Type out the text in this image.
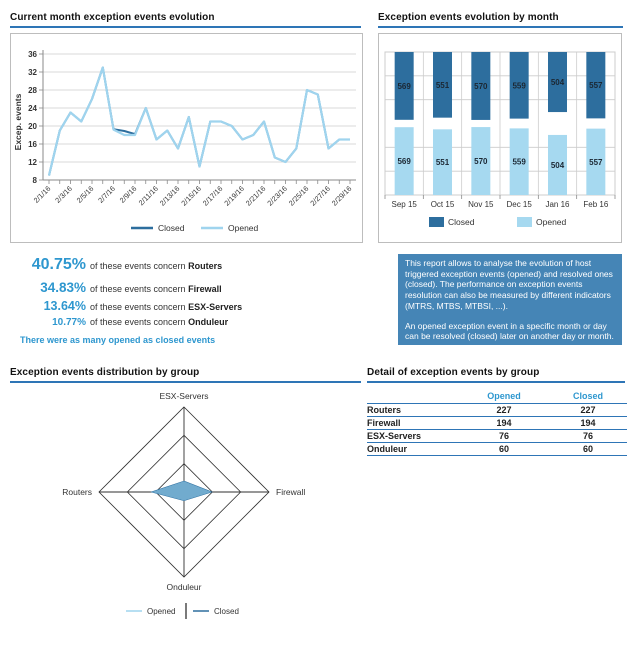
Current month exception events evolution
8
12
16
20
24
28
32
36
2/1/16 2/3/16 2/5/16 2/7/16 2/9/16
2/11/16
2/13/16
2/15/16
2/17/16
2/19/16
2/21/16
2/23/16
2/25/16
2/27/16
2/29/16
Excep. events
Closed	Opened
Exception events evolution by month
569
569
Sep 15
551
551
Oct 15
570
570
Nov 15
559
559
Dec 15
504
504
Jan 16
557
557
Feb 16
Closed	Opened
40.75% of these events concern Routers
34.83% of these events concern Firewall
13.64% of these events concern ESX-Servers
10.77% of these events concern Onduleur
There were as many opened as closed events

This report allows to analyse the evolution of host triggered exception events (opened) and resolved ones (closed). The performance on exception events resolution can also be measured by different indicators (MTRS, MTBS, MTBSI, ...).

An opened exception event in a specific month or day can be resolved (closed) later on another day or month.

Exception events distribution by group
ESX-Servers
Firewall
Onduleur
Routers
Opened	Closed
Detail of exception events by group
Opened	Closed
Routers	227	227
Firewall	194	194
ESX-Servers	76	76
Onduleur	60	60
